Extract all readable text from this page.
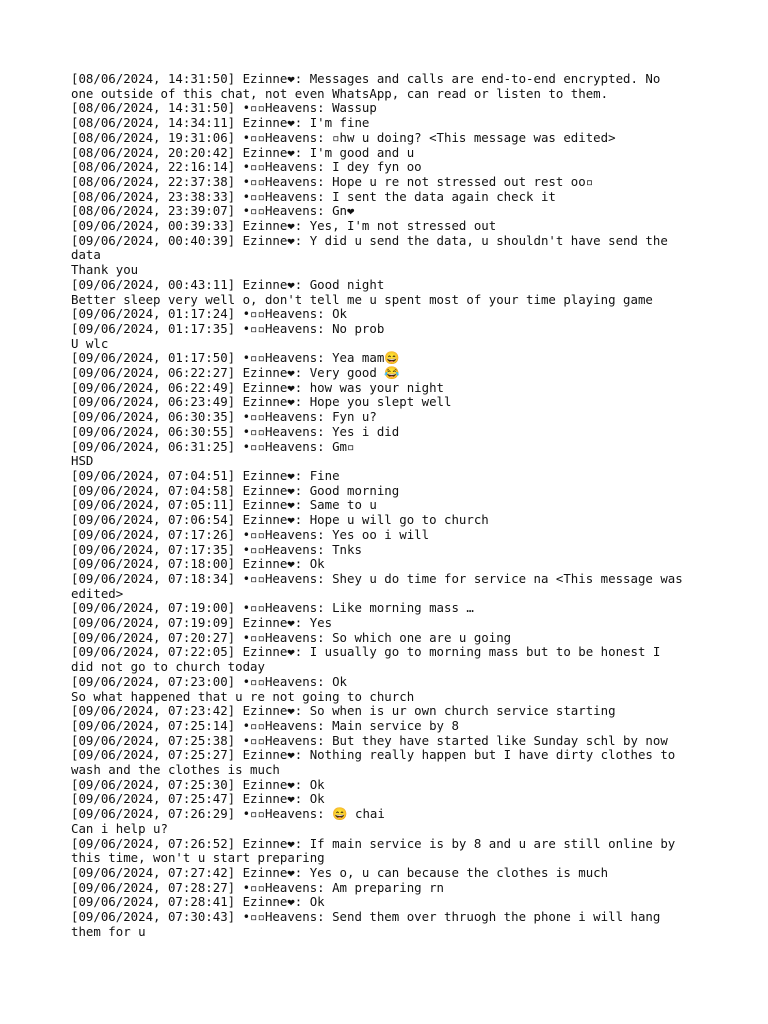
[08/06/2024, 14:31:50] Ezinne❤: Messages and calls are end-to-end encrypted. No

one outside of this chat, not even WhatsApp, can read or listen to them.

[08/06/2024, 14:31:50] •▫▫Heavens: Wassup

[08/06/2024, 14:34:11] Ezinne❤: I'm fine

[08/06/2024, 19:31:06] •▫▫Heavens: ▫hw u doing? <This message was edited>

[08/06/2024, 20:20:42] Ezinne❤: I'm good and u

[08/06/2024, 22:16:14] •▫▫Heavens: I dey fyn oo

[08/06/2024, 22:37:38] •▫▫Heavens: Hope u re not stressed out rest oo▫

[08/06/2024, 23:38:33] •▫▫Heavens: I sent the data again check it

[08/06/2024, 23:39:07] •▫▫Heavens: Gn❤

[09/06/2024, 00:39:33] Ezinne❤: Yes, I'm not stressed out

[09/06/2024, 00:40:39] Ezinne❤: Y did u send the data, u shouldn't have send the

data

Thank you

[09/06/2024, 00:43:11] Ezinne❤: Good night

Better sleep very well o, don't tell me u spent most of your time playing game

[09/06/2024, 01:17:24] •▫▫Heavens: Ok

[09/06/2024, 01:17:35] •▫▫Heavens: No prob

U wlc

[09/06/2024, 01:17:50] •▫▫Heavens: Yea mam😄

[09/06/2024, 06:22:27] Ezinne❤: Very good 😂

[09/06/2024, 06:22:49] Ezinne❤: how was your night

[09/06/2024, 06:23:49] Ezinne❤: Hope you slept well

[09/06/2024, 06:30:35] •▫▫Heavens: Fyn u?

[09/06/2024, 06:30:55] •▫▫Heavens: Yes i did

[09/06/2024, 06:31:25] •▫▫Heavens: Gm▫

HSD

[09/06/2024, 07:04:51] Ezinne❤: Fine

[09/06/2024, 07:04:58] Ezinne❤: Good morning

[09/06/2024, 07:05:11] Ezinne❤: Same to u

[09/06/2024, 07:06:54] Ezinne❤: Hope u will go to church

[09/06/2024, 07:17:26] •▫▫Heavens: Yes oo i will

[09/06/2024, 07:17:35] •▫▫Heavens: Tnks

[09/06/2024, 07:18:00] Ezinne❤: Ok

[09/06/2024, 07:18:34] •▫▫Heavens: Shey u do time for service na <This message was

edited>

[09/06/2024, 07:19:00] •▫▫Heavens: Like morning mass …

[09/06/2024, 07:19:09] Ezinne❤: Yes

[09/06/2024, 07:20:27] •▫▫Heavens: So which one are u going

[09/06/2024, 07:22:05] Ezinne❤: I usually go to morning mass but to be honest I

did not go to church today

[09/06/2024, 07:23:00] •▫▫Heavens: Ok

So what happened that u re not going to church

[09/06/2024, 07:23:42] Ezinne❤: So when is ur own church service starting

[09/06/2024, 07:25:14] •▫▫Heavens: Main service by 8

[09/06/2024, 07:25:38] •▫▫Heavens: But they have started like Sunday schl by now

[09/06/2024, 07:25:27] Ezinne❤: Nothing really happen but I have dirty clothes to

wash and the clothes is much

[09/06/2024, 07:25:30] Ezinne❤: Ok

[09/06/2024, 07:25:47] Ezinne❤: Ok

[09/06/2024, 07:26:29] •▫▫Heavens: 😄 chai

Can i help u?

[09/06/2024, 07:26:52] Ezinne❤: If main service is by 8 and u are still online by

this time, won't u start preparing

[09/06/2024, 07:27:42] Ezinne❤: Yes o, u can because the clothes is much

[09/06/2024, 07:28:27] •▫▫Heavens: Am preparing rn

[09/06/2024, 07:28:41] Ezinne❤: Ok

[09/06/2024, 07:30:43] •▫▫Heavens: Send them over thruogh the phone i will hang

them for u
